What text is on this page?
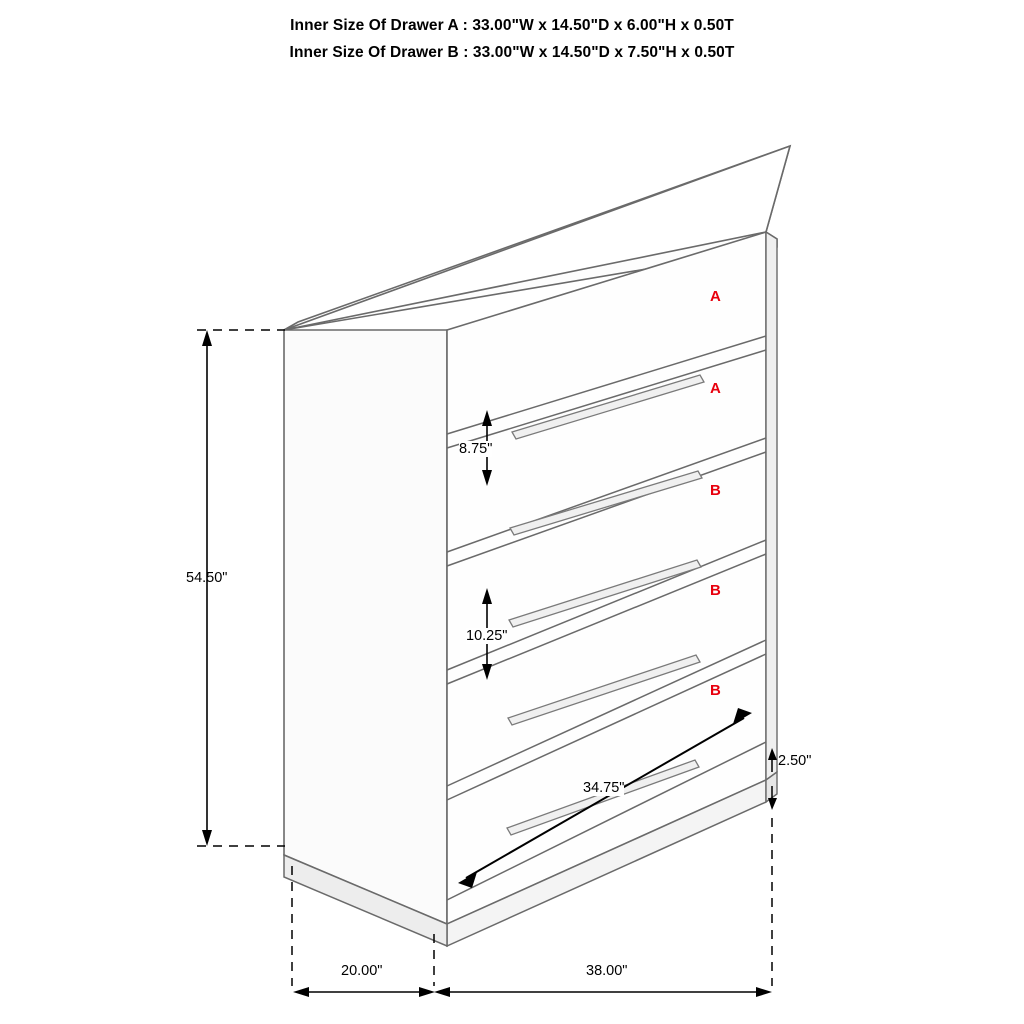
Inner Size Of Drawer A : 33.00"W x 14.50"D x 6.00"H x 0.50T
Inner Size Of Drawer B : 33.00"W x 14.50"D x 7.50"H x 0.50T
A
A
B
B
B
54.50"
8.75"
10.25"
34.75"
2.50"
20.00"	38.00"
